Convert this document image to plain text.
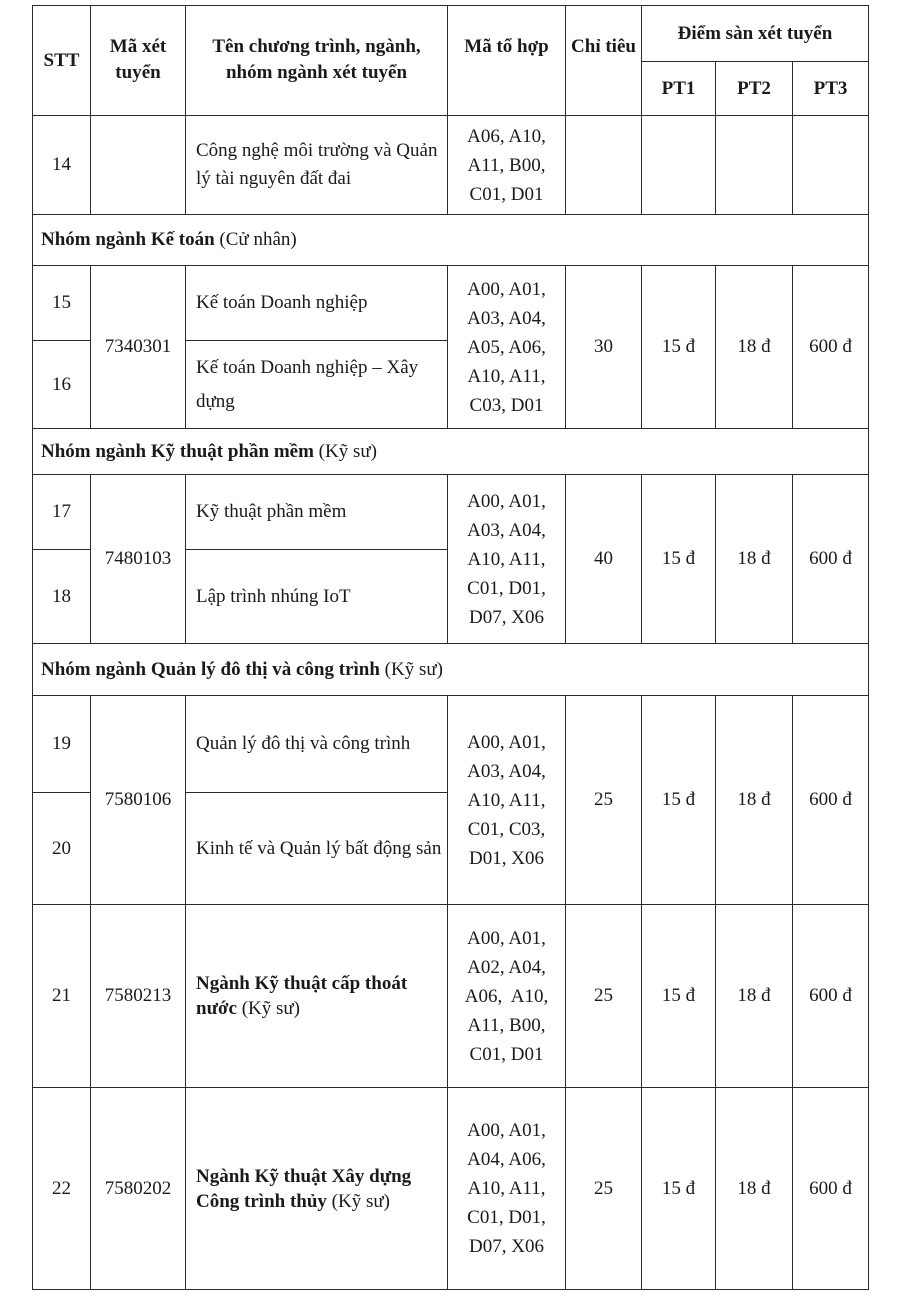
STT	Mã xét tuyển	Tên chương trình, ngành, nhóm ngành xét tuyển	Mã tổ hợp	Chỉ tiêu	Điểm sàn xét tuyển		
					PT1	PT2	PT3
14		Công nghệ môi trường và Quản lý tài nguyên đất đai	A06, A10,
A11, B00,
C01, D01				

Nhóm ngành Kế toán (Cử nhân)							
15	7340301	Kế toán Doanh nghiệp	A00, A01,
A03, A04,
A05, A06,
A10, A11,
C03, D01	30	15 đ	18 đ	600 đ
16		Kế toán Doanh nghiệp – Xây dựng					
Nhóm ngành Kỹ thuật phần mềm (Kỹ sư)							
17	7480103	Kỹ thuật phần mềm	A00, A01,
A03, A04,
A10, A11,
C01, D01,
D07, X06	40	15 đ	18 đ	600 đ
18		Lập trình nhúng IoT					
Nhóm ngành Quản lý đô thị và công trình (Kỹ sư)							
19	7580106	Quản lý đô thị và công trình	A00, A01,
A03, A04,
A10, A11,
C01, C03,
D01, X06	25	15 đ	18 đ	600 đ
20		Kinh tế và Quản lý bất động sản					
21	7580213	Ngành Kỹ thuật cấp thoát nước (Kỹ sư)	A00, A01,
A02, A04,
A06,  A10,
A11, B00,
C01, D01	25	15 đ	18 đ	600 đ
22	7580202	Ngành Kỹ thuật Xây dựng Công trình thủy (Kỹ sư)	A00, A01,
A04, A06,
A10, A11,
C01, D01,
D07, X06	25	15 đ	18 đ	600 đ
